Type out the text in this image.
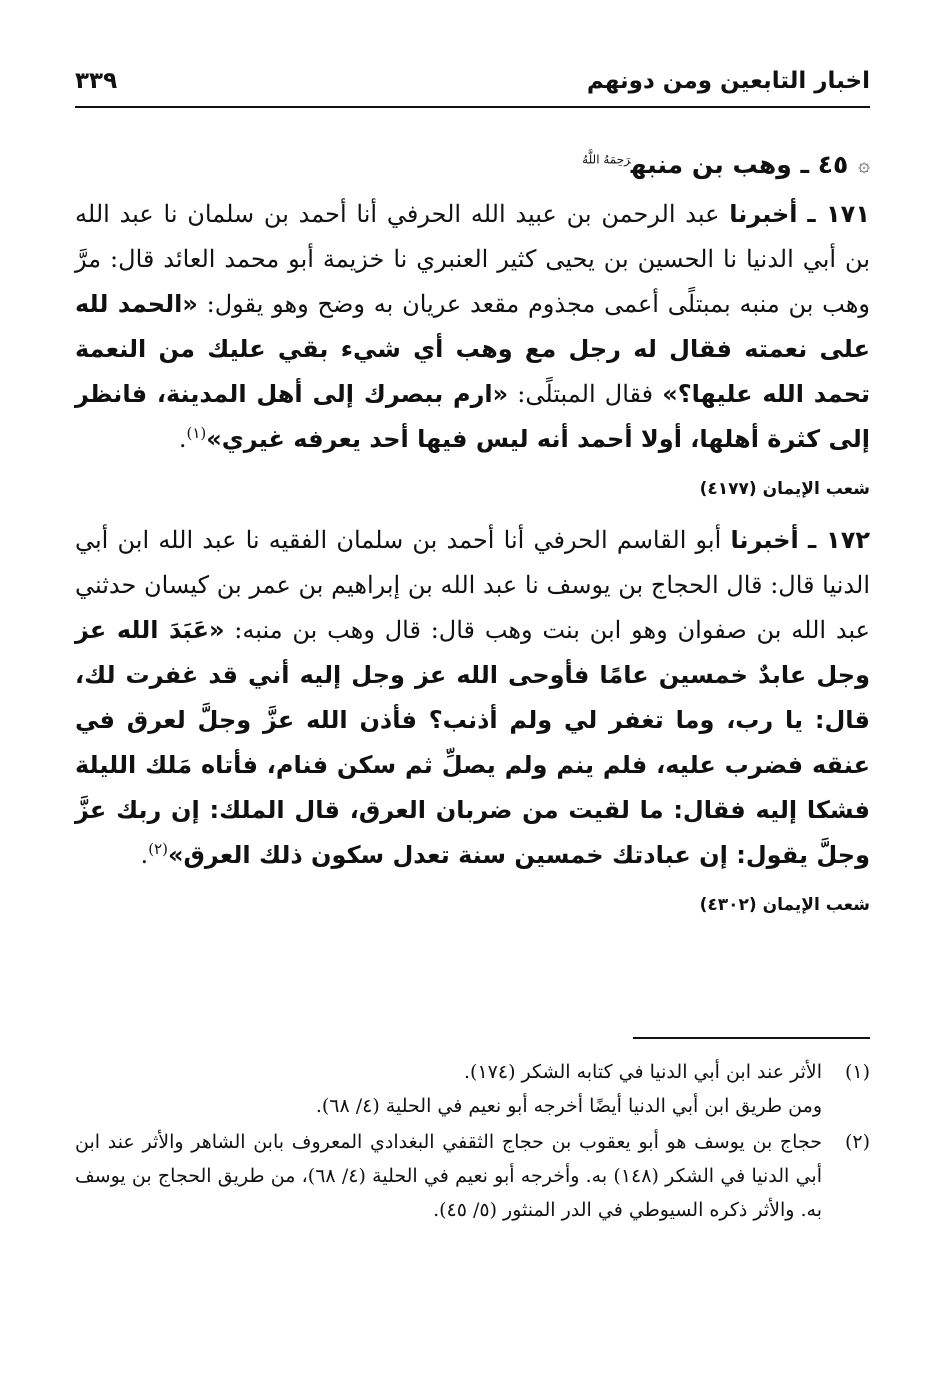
اخبار التابعين ومن دونهم
٣٣٩
۞
٤٥ ـ وهب بن منبه$^{رَحِمَهُ اللَّهُ}$

١٧١ ـ أخبرنا عبد الرحمن بن عبيد الله الحرفي أنا أحمد بن سلمان نا عبد الله بن أبي الدنيا نا الحسين بن يحيى كثير العنبري نا خزيمة أبو محمد العائد قال: مرَّ وهب بن منبه بمبتلًى أعمى مجذوم مقعد عريان به وضح وهو يقول: «الحمد لله على نعمته فقال له رجل مع وهب أي شيء بقي عليك من النعمة تحمد الله عليها؟» فقال المبتلًى: «ارم ببصرك إلى أهل المدينة، فانظر إلى كثرة أهلها، أولا أحمد أنه ليس فيها أحد يعرفه غيري»$^{(١)}$.

شعب الإيمان (٤١٧٧)

١٧٢ ـ أخبرنا أبو القاسم الحرفي أنا أحمد بن سلمان الفقيه نا عبد الله ابن أبي الدنيا قال: قال الحجاج بن يوسف نا عبد الله بن إبراهيم بن عمر بن كيسان حدثني عبد الله بن صفوان وهو ابن بنت وهب قال: قال وهب بن منبه: «عَبَدَ الله عز وجل عابدٌ خمسين عامًا فأوحى الله عز وجل إليه أني قد غفرت لك، قال: يا رب، وما تغفر لي ولم أذنب؟ فأذن الله عزَّ وجلَّ لعرق في عنقه فضرب عليه، فلم ينم ولم يصلِّ ثم سكن فنام، فأتاه مَلك الليلة فشكا إليه فقال: ما لقيت من ضربان العرق، قال الملك: إن ربك عزَّ وجلَّ يقول: إن عبادتك خمسين سنة تعدل سكون ذلك العرق»$^{(٢)}$.

شعب الإيمان (٤٣٠٢)
(١)
الأثر عند ابن أبي الدنيا في كتابه الشكر (١٧٤).
ومن طريق ابن أبي الدنيا أيضًا أخرجه أبو نعيم في الحلية (٤/ ٦٨).
(٢)
حجاج بن يوسف هو أبو يعقوب بن حجاج الثقفي البغدادي المعروف بابن الشاهر والأثر عند ابن أبي الدنيا في الشكر (١٤٨) به. وأخرجه أبو نعيم في الحلية (٤/ ٦٨)، من طريق الحجاج بن يوسف به. والأثر ذكره السيوطي في الدر المنثور (٥/ ٤٥).
